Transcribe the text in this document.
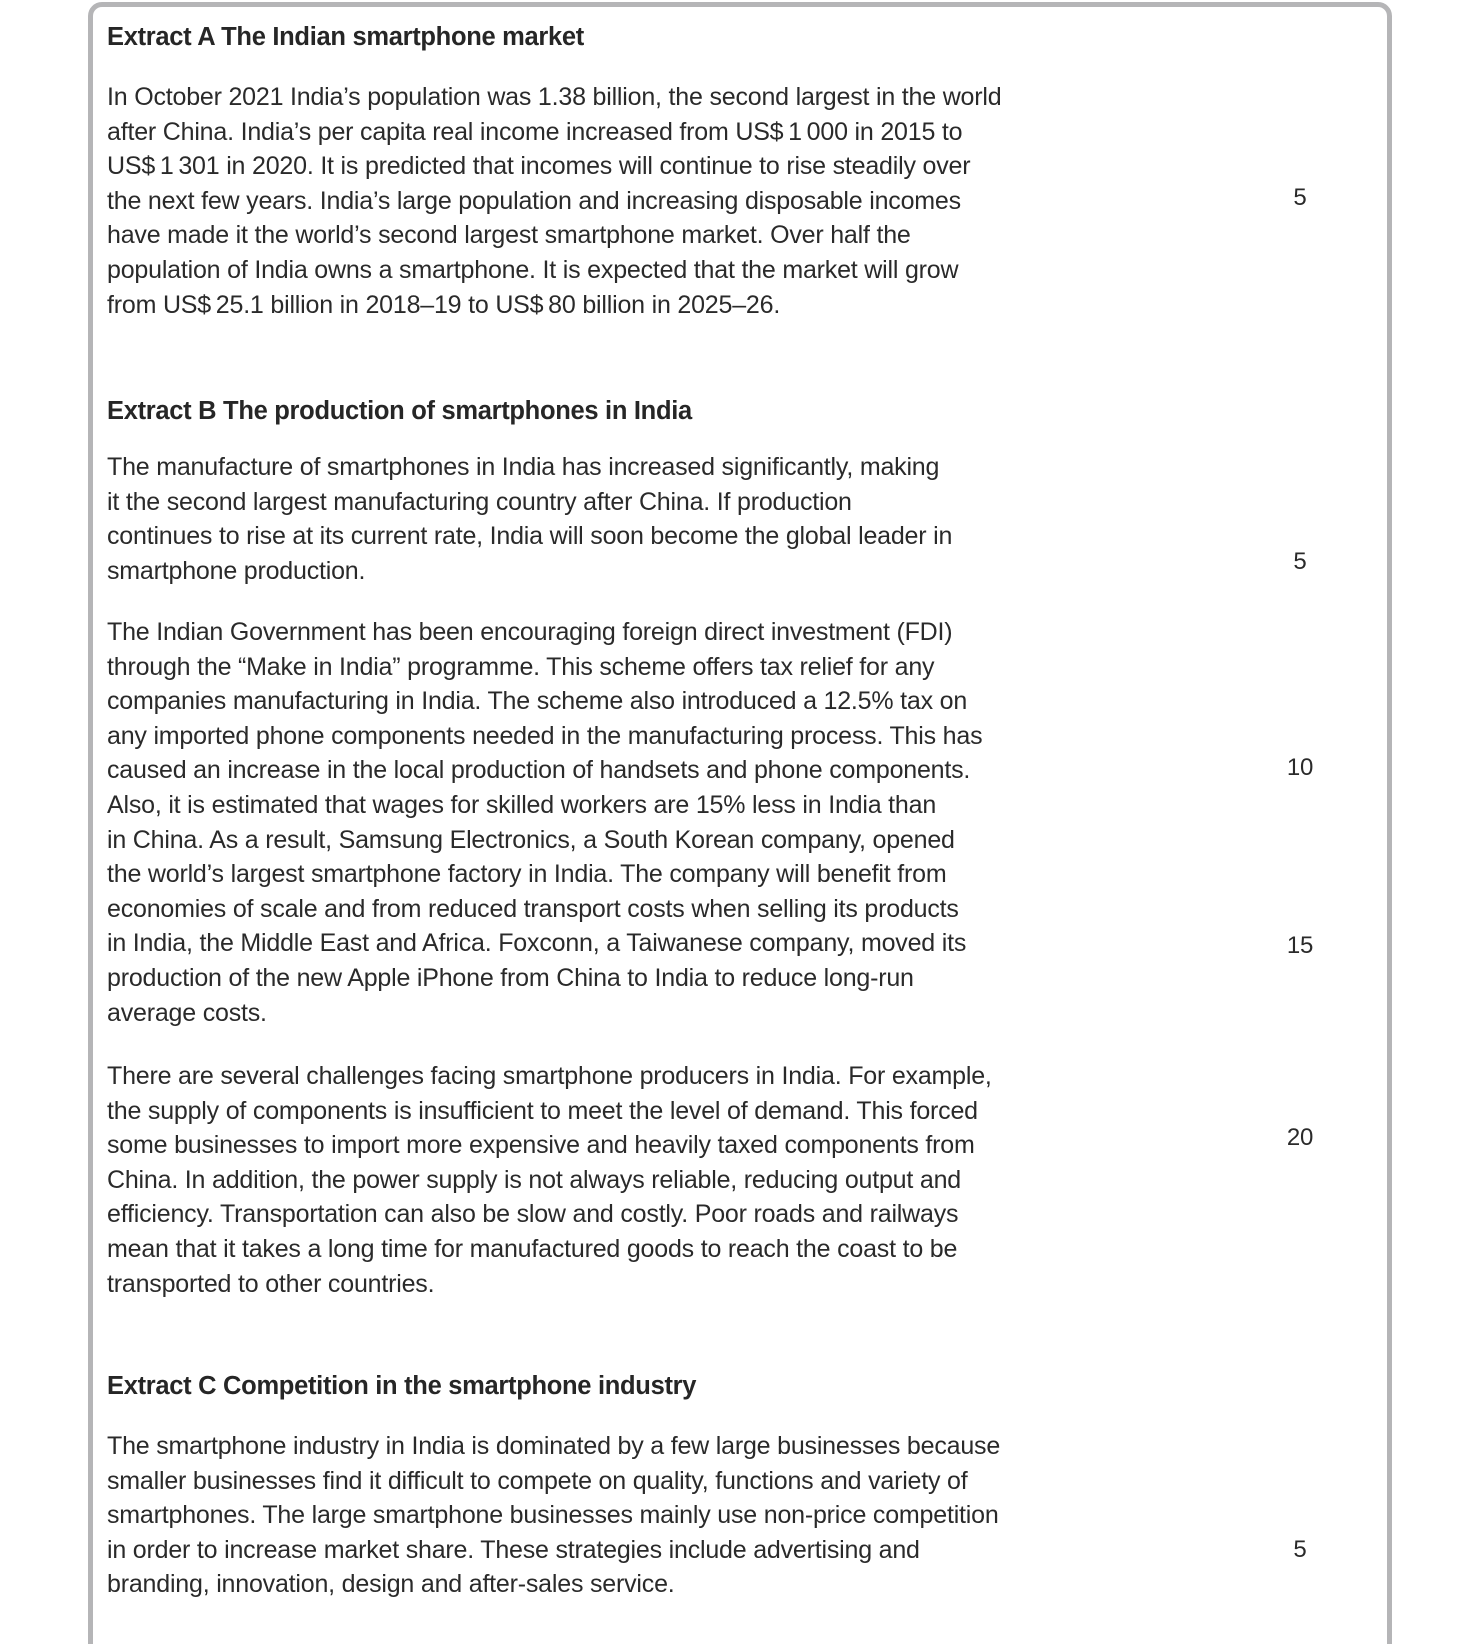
Extract A The Indian smartphone market
In October 2021 India’s population was 1.38 billion, the second largest in the world
after China. India’s per capita real income increased from US$ 1 000 in 2015 to
US$ 1 301 in 2020. It is predicted that incomes will continue to rise steadily over
the next few years. India’s large population and increasing disposable incomes
have made it the world’s second largest smartphone market. Over half the
population of India owns a smartphone. It is expected that the market will grow
from US$ 25.1 billion in 2018–19 to US$ 80 billion in 2025–26.
Extract B The production of smartphones in India
The manufacture of smartphones in India has increased significantly, making
it the second largest manufacturing country after China. If production
continues to rise at its current rate, India will soon become the global leader in
smartphone production.
The Indian Government has been encouraging foreign direct investment (FDI)
through the “Make in India” programme. This scheme offers tax relief for any
companies manufacturing in India. The scheme also introduced a 12.5% tax on
any imported phone components needed in the manufacturing process. This has
caused an increase in the local production of handsets and phone components.
Also, it is estimated that wages for skilled workers are 15% less in India than
in China. As a result, Samsung Electronics, a South Korean company, opened
the world’s largest smartphone factory in India. The company will benefit from
economies of scale and from reduced transport costs when selling its products
in India, the Middle East and Africa. Foxconn, a Taiwanese company, moved its
production of the new Apple iPhone from China to India to reduce long-run
average costs.
There are several challenges facing smartphone producers in India. For example,
the supply of components is insufficient to meet the level of demand. This forced
some businesses to import more expensive and heavily taxed components from
China. In addition, the power supply is not always reliable, reducing output and
efficiency. Transportation can also be slow and costly. Poor roads and railways
mean that it takes a long time for manufactured goods to reach the coast to be
transported to other countries.
Extract C Competition in the smartphone industry
The smartphone industry in India is dominated by a few large businesses because
smaller businesses find it difficult to compete on quality, functions and variety of
smartphones. The large smartphone businesses mainly use non-price competition
in order to increase market share. These strategies include advertising and
branding, innovation, design and after-sales service.
5
5
10
15
20
5
